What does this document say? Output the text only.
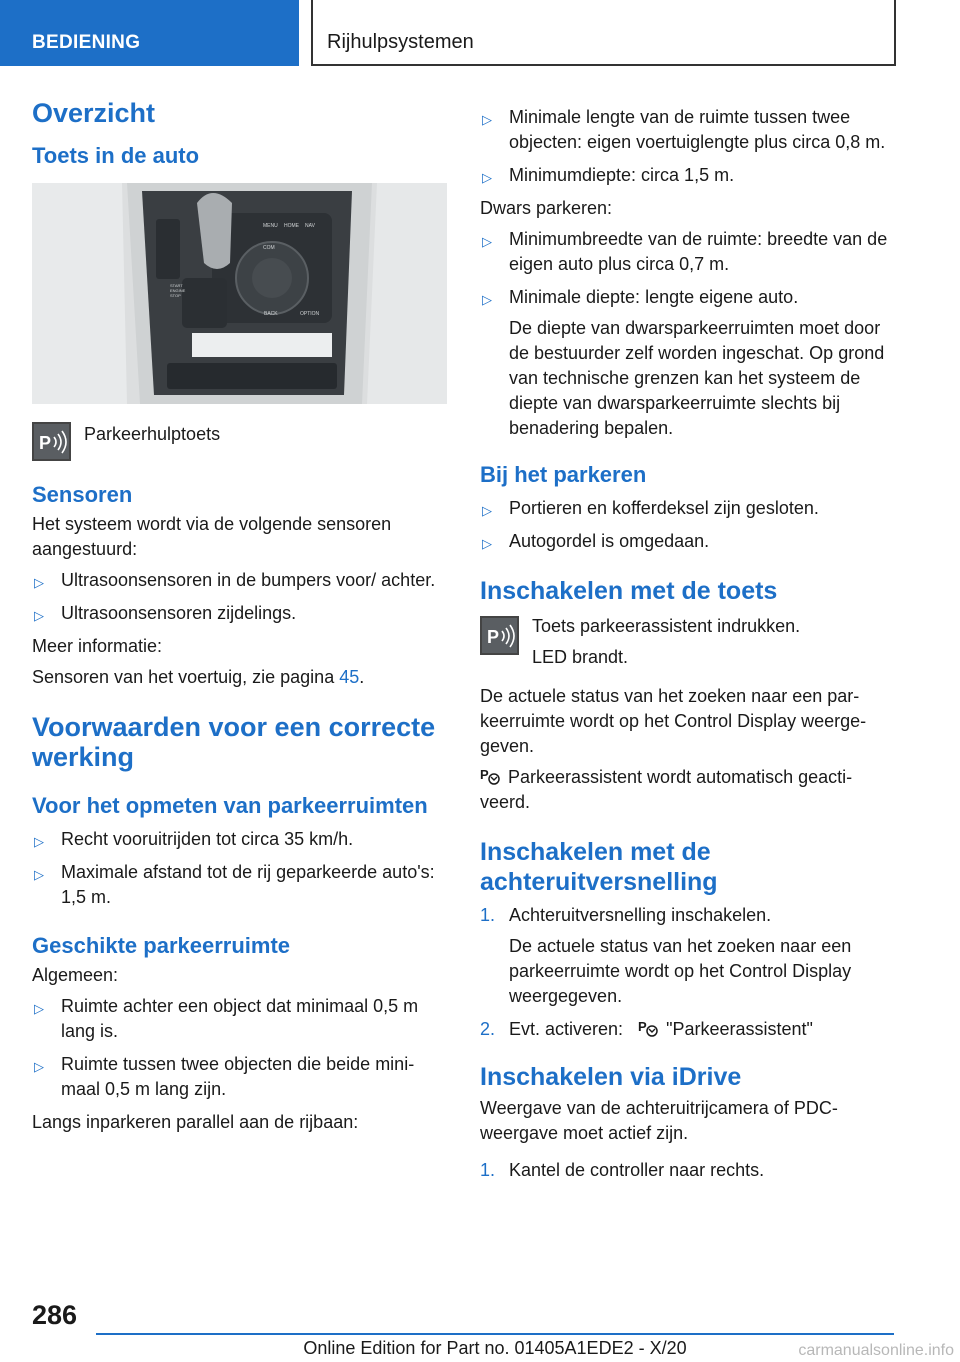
BEDIENING	Rijhulpsystemen
Overzicht
Toets in de auto
MENU HOME NAV
COM
BACK	OPTION
START ENGINE STOP
P Parkeerhulptoets
Sensoren

Het systeem wordt via de volgende sensoren aangestuurd:

▷ Ultrasoonsensoren in de bumpers voor/ achter.
▷ Ultrasoonsensoren zijdelings.

Meer informatie:

Sensoren van het voertuig, zie pagina 45.

Voorwaarden voor een correcte werking
Voor het opmeten van parkeerruimten
▷ Recht vooruitrijden tot circa 35 km/h.
▷ Maximale afstand tot de rij geparkeerde auto's: 1,5 m.
Geschikte parkeerruimte

Algemeen:

▷ Ruimte achter een object dat minimaal 0,5 m lang is.
▷ Ruimte tussen twee objecten die beide minimaal 0,5 m lang zijn.

Langs inparkeren parallel aan de rijbaan:

▷ Minimale lengte van de ruimte tussen twee objecten: eigen voertuiglengte plus circa 0,8 m.
▷ Minimumdiepte: circa 1,5 m.

Dwars parkeren:

▷ Minimumbreedte van de ruimte: breedte van de eigen auto plus circa 0,7 m.
▷ Minimale diepte: lengte eigene auto.
De diepte van dwarsparkeerruimten moet door de bestuurder zelf worden ingeschat. Op grond van technische grenzen kan het systeem de diepte van dwarsparkeerruimte slechts bij benadering bepalen.
Bij het parkeren
▷ Portieren en kofferdeksel zijn gesloten.
▷ Autogordel is omgedaan.
Inschakelen met de toets
P
Toets parkeerassistent indrukken.
LED brandt.

De actuele status van het zoeken naar een parkeerruimte wordt op het Control Display weergegeven.

P Parkeerassistent wordt automatisch geactiveerd.

Inschakelen met de achteruitversnelling
1. Achteruitversnelling inschakelen.
De actuele status van het zoeken naar een parkeerruimte wordt op het Control Display weergegeven.
2. Evt. activeren: P "Parkeerassistent"
Inschakelen via iDrive

Weergave van de achteruitrijcamera of PDC-weergave moet actief zijn.

1. Kantel de controller naar rechts.
286
Online Edition for Part no. 01405A1EDE2 - X/20	carmanualsonline.info
